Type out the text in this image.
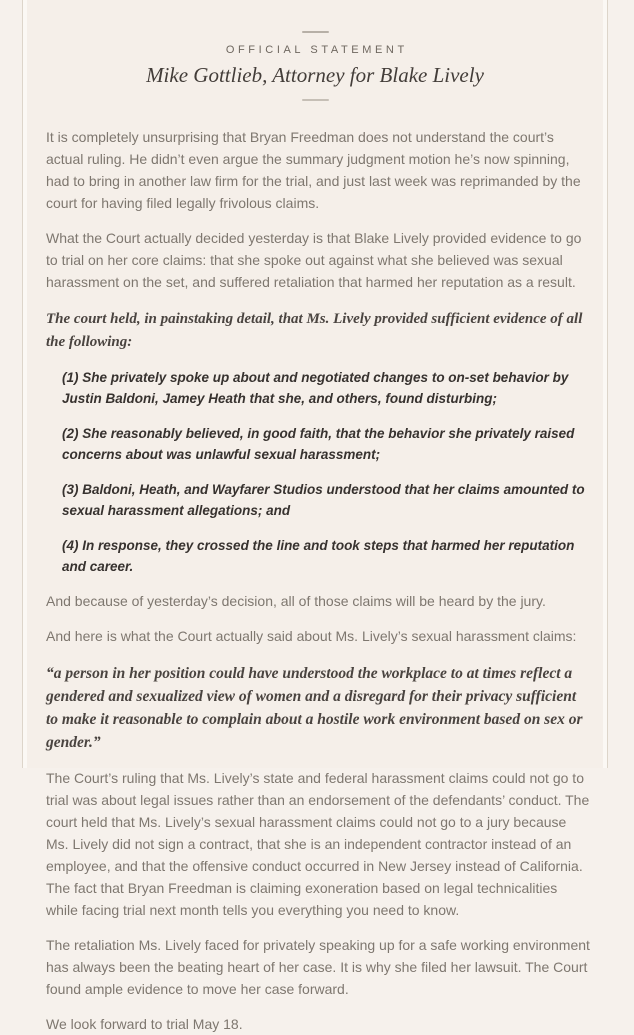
OFFICIAL STATEMENT
Mike Gottlieb, Attorney for Blake Lively

It is completely unsurprising that Bryan Freedman does not understand the court’s actual ruling. He didn’t even argue the summary judgment motion he’s now spinning, had to bring in another law firm for the trial, and just last week was reprimanded by the court for having filed legally frivolous claims.

What the Court actually decided yesterday is that Blake Lively provided evidence to go to trial on her core claims: that she spoke out against what she believed was sexual harassment on the set, and suffered retaliation that harmed her reputation as a result.

The court held, in painstaking detail, that Ms. Lively provided sufficient evidence of all the following:

(1) She privately spoke up about and negotiated changes to on-set behavior by Justin Baldoni, Jamey Heath that she, and others, found disturbing;

(2) She reasonably believed, in good faith, that the behavior she privately raised concerns about was unlawful sexual harassment;

(3) Baldoni, Heath, and Wayfarer Studios understood that her claims amounted to sexual harassment allegations; and

(4) In response, they crossed the line and took steps that harmed her reputation and career.

And because of yesterday’s decision, all of those claims will be heard by the jury.

And here is what the Court actually said about Ms. Lively’s sexual harassment claims:

“a person in her position could have understood the workplace to at times reflect a gendered and sexualized view of women and a disregard for their privacy sufficient to make it reasonable to complain about a hostile work environment based on sex or gender.”

The Court’s ruling that Ms. Lively’s state and federal harassment claims could not go to trial was about legal issues rather than an endorsement of the defendants’ conduct. The court held that Ms. Lively’s sexual harassment claims could not go to a jury because Ms. Lively did not sign a contract, that she is an independent contractor instead of an employee, and that the offensive conduct occurred in New Jersey instead of California. The fact that Bryan Freedman is claiming exoneration based on legal technicalities while facing trial next month tells you everything you need to know.

The retaliation Ms. Lively faced for privately speaking up for a safe working environment has always been the beating heart of her case. It is why she filed her lawsuit. The Court found ample evidence to move her case forward.

We look forward to trial May 18.
